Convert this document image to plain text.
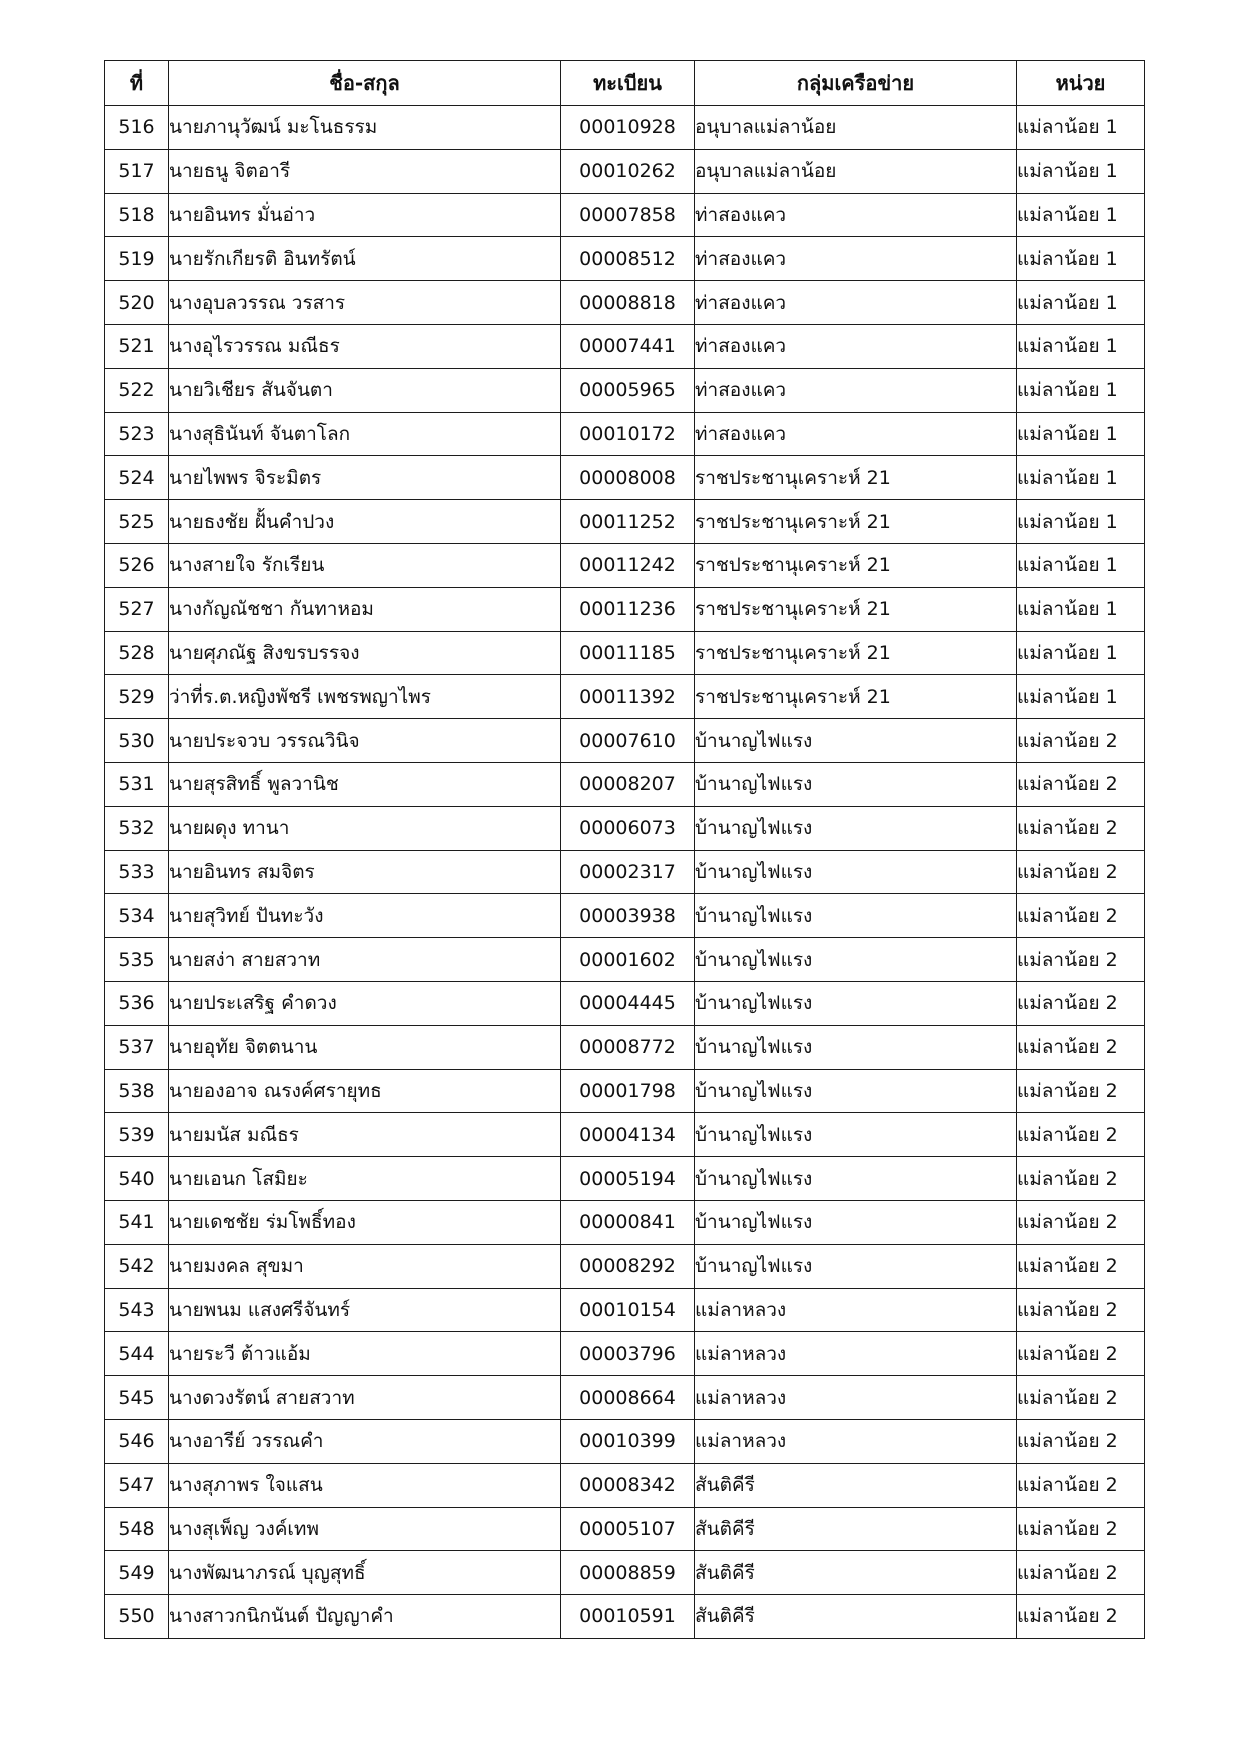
ที่	ชื่อ-สกุล	ทะเบียน	กลุ่มเครือข่าย	หน่วย
516	นายภานุวัฒน์ มะโนธรรม	00010928	อนุบาลแม่ลาน้อย	แม่ลาน้อย 1
517	นายธนู จิตอารี	00010262	อนุบาลแม่ลาน้อย	แม่ลาน้อย 1
518	นายอินทร มั่นอ่าว	00007858	ท่าสองแคว	แม่ลาน้อย 1
519	นายรักเกียรติ อินทรัตน์	00008512	ท่าสองแคว	แม่ลาน้อย 1
520	นางอุบลวรรณ วรสาร	00008818	ท่าสองแคว	แม่ลาน้อย 1
521	นางอุไรวรรณ มณีธร	00007441	ท่าสองแคว	แม่ลาน้อย 1
522	นายวิเชียร สันจันตา	00005965	ท่าสองแคว	แม่ลาน้อย 1
523	นางสุธินันท์ จันตาโลก	00010172	ท่าสองแคว	แม่ลาน้อย 1
524	นายไพพร จิระมิตร	00008008	ราชประชานุเคราะห์ 21	แม่ลาน้อย 1
525	นายธงชัย ฝั้นคำปวง	00011252	ราชประชานุเคราะห์ 21	แม่ลาน้อย 1
526	นางสายใจ รักเรียน	00011242	ราชประชานุเคราะห์ 21	แม่ลาน้อย 1
527	นางกัญณัชชา กันทาหอม	00011236	ราชประชานุเคราะห์ 21	แม่ลาน้อย 1
528	นายศุภณัฐ สิงขรบรรจง	00011185	ราชประชานุเคราะห์ 21	แม่ลาน้อย 1
529	ว่าที่ร.ต.หญิงพัชรี เพชรพญาไพร	00011392	ราชประชานุเคราะห์ 21	แม่ลาน้อย 1
530	นายประจวบ วรรณวินิจ	00007610	บ้านาญไฟแรง	แม่ลาน้อย 2
531	นายสุรสิทธิ์ พูลวานิช	00008207	บ้านาญไฟแรง	แม่ลาน้อย 2
532	นายผดุง ทานา	00006073	บ้านาญไฟแรง	แม่ลาน้อย 2
533	นายอินทร สมจิตร	00002317	บ้านาญไฟแรง	แม่ลาน้อย 2
534	นายสุวิทย์ ปันทะวัง	00003938	บ้านาญไฟแรง	แม่ลาน้อย 2
535	นายสง่า สายสวาท	00001602	บ้านาญไฟแรง	แม่ลาน้อย 2
536	นายประเสริฐ คำดวง	00004445	บ้านาญไฟแรง	แม่ลาน้อย 2
537	นายอุทัย จิตตนาน	00008772	บ้านาญไฟแรง	แม่ลาน้อย 2
538	นายองอาจ ณรงค์ศรายุทธ	00001798	บ้านาญไฟแรง	แม่ลาน้อย 2
539	นายมนัส มณีธร	00004134	บ้านาญไฟแรง	แม่ลาน้อย 2
540	นายเอนก โสมิยะ	00005194	บ้านาญไฟแรง	แม่ลาน้อย 2
541	นายเดชชัย ร่มโพธิ์ทอง	00000841	บ้านาญไฟแรง	แม่ลาน้อย 2
542	นายมงคล สุขมา	00008292	บ้านาญไฟแรง	แม่ลาน้อย 2
543	นายพนม แสงศรีจันทร์	00010154	แม่ลาหลวง	แม่ลาน้อย 2
544	นายระวี ต้าวแอ้ม	00003796	แม่ลาหลวง	แม่ลาน้อย 2
545	นางดวงรัตน์ สายสวาท	00008664	แม่ลาหลวง	แม่ลาน้อย 2
546	นางอารีย์ วรรณคำ	00010399	แม่ลาหลวง	แม่ลาน้อย 2
547	นางสุภาพร ใจแสน	00008342	สันติคีรี	แม่ลาน้อย 2
548	นางสุเพ็ญ วงค์เทพ	00005107	สันติคีรี	แม่ลาน้อย 2
549	นางพัฒนาภรณ์ บุญสุทธิ์	00008859	สันติคีรี	แม่ลาน้อย 2
550	นางสาวกนิกนันต์ ปัญญาคำ	00010591	สันติคีรี	แม่ลาน้อย 2
